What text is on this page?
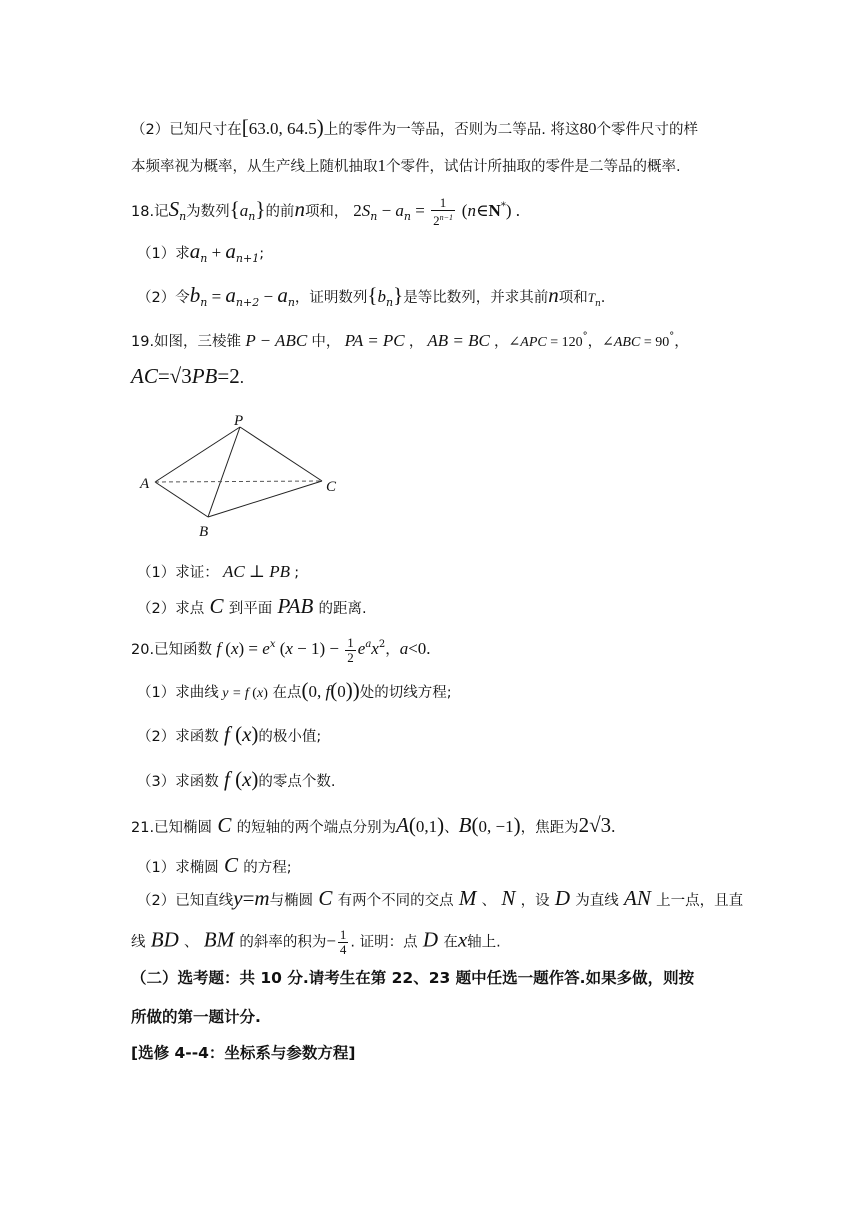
（2）已知尺寸在[63.0, 64.5)上的零件为一等品，否则为二等品. 将这80个零件尺寸的样
本频率视为概率，从生产线上随机抽取1个零件，试估计所抽取的零件是二等品的概率.
18.记$S_n$为数列$\{a_n\}$的前n项和， $2S_n - a_n = \frac{1}{2^{n-1}}$ (n∈N*) .
（1）求$a_n + a_{n+1}$;
（2）令$b_n = a_{n+2} - a_n$，证明数列$\{b_n\}$是等比数列，并求其前n项和$T_n$.
19.如图，三棱锥 P − ABC 中， PA = PC ， AB = BC ，∠APC = 120°，∠ABC = 90°，
AC=√3PB=2.
P
A	C
B
（1）求证： AC ⊥ PB ;
（2）求点 C 到平面 PAB 的距离.
20.已知函数 f $(x) = e^x$ $(x - 1) - \frac{1}{2} e^ax^2$，a<0.
（1）求曲线 y = f (x) 在点(0, f(0))处的切线方程;
（2）求函数 f (x)的极小值;
（3）求函数 f (x)的零点个数.
21.已知椭圆 C 的短轴的两个端点分别为A(0,1)、B(0, −1)，焦距为2√3.
（1）求椭圆 C 的方程;
（2）已知直线y=m与椭圆 C 有两个不同的交点 M 、 N ，设 D 为直线 AN 上一点，且直
线 BD 、 BM 的斜率的积为− $\frac{1}{4}$ . 证明：点 D 在x轴上.
（二）选考题：共 10 分.请考生在第 22、23 题中任选一题作答.如果多做，则按
所做的第一题计分.
[选修 4--4：坐标系与参数方程]
